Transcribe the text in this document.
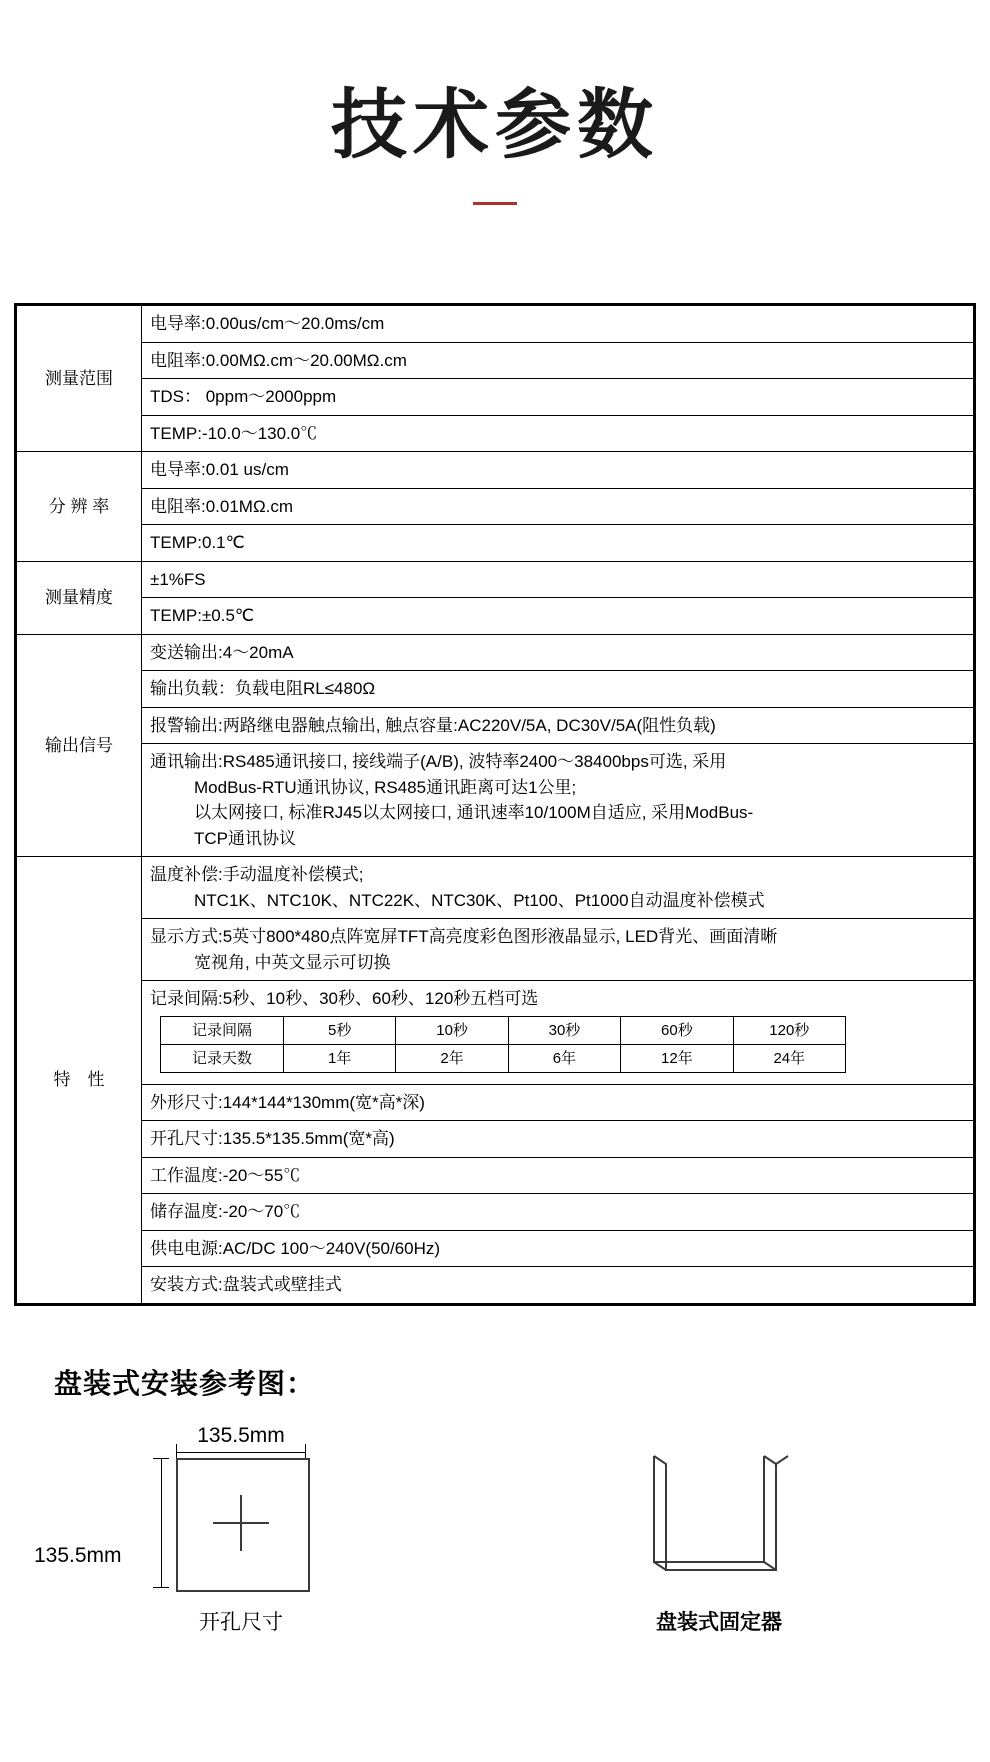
技术参数
测量范围	电导率:0.00us/cm〜20.0ms/cm
电阻率:0.00MΩ.cm〜20.00MΩ.cm
TDS： 0ppm〜2000ppm
TEMP:-10.0〜130.0℃
分 辨 率	电导率:0.01 us/cm
电阻率:0.01MΩ.cm
TEMP:0.1℃
测量精度	±1%FS
TEMP:±0.5℃
输出信号	变送输出:4〜20mA
输出负载：负载电阻RL≤480Ω
报警输出:两路继电器触点输出, 触点容量:AC220V/5A, DC30V/5A(阻性负载)
通讯输出:RS485通讯接口, 接线端子(A/B), 波特率2400〜38400bps可选, 采用
ModBus-RTU通讯协议, RS485通讯距离可达1公里;
以太网接口, 标准RJ45以太网接口, 通讯速率10/100M自适应, 采用ModBus-
TCP通讯协议

特　性	温度补偿:手动温度补偿模式;
NTC1K、NTC10K、NTC22K、NTC30K、Pt100、Pt1000自动温度补偿模式

显示方式:5英寸800*480点阵宽屏TFT高亮度彩色图形液晶显示, LED背光、画面清晰
宽视角, 中英文显示可切换

记录间隔:5秒、10秒、30秒、60秒、120秒五档可选
记录间隔	5秒	10秒	30秒	60秒	120秒
记录天数	1年	2年	6年	12年	24年

外形尺寸:144*144*130mm(宽*高*深)
开孔尺寸:135.5*135.5mm(宽*高)
工作温度:-20〜55℃
储存温度:-20〜70℃
供电电源:AC/DC 100〜240V(50/60Hz)
安装方式:盘装式或壁挂式
盘装式安装参考图：
135.5mm
135.5mm
开孔尺寸	盘装式固定器
